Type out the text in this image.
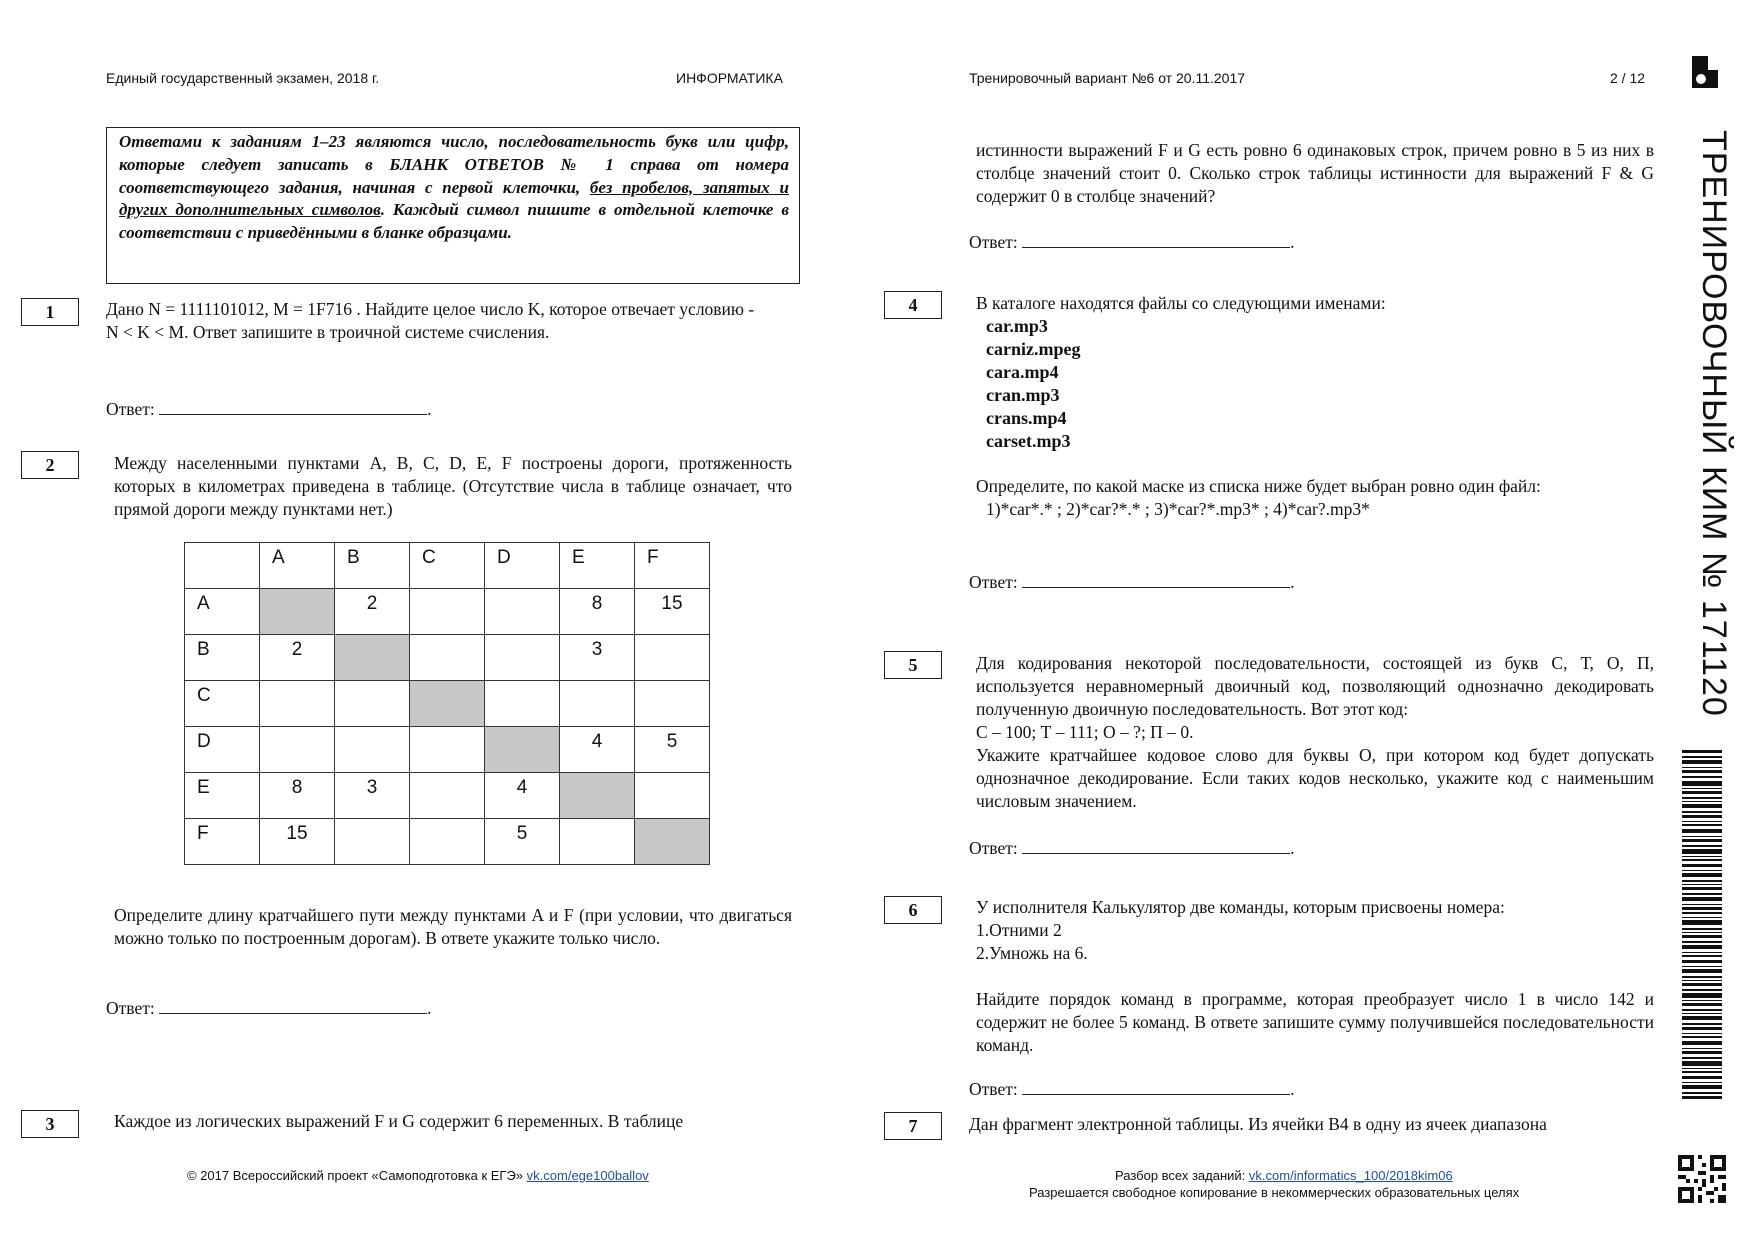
Единый государственный экзамен, 2018 г.	ИНФОРМАТИКА	Тренировочный вариант №6 от 20.11.2017	2 / 12
Ответами к заданиям 1–23 являются число, последовательность букв или цифр, которые следует записать в БЛАНК ОТВЕТОВ № 1 справа от номера соответствующего задания, начиная с первой клеточки, без пробелов, запятых и других дополнительных символов. Каждый символ пишите в отдельной клеточке в соответствии с приведёнными в бланке образцами.
1	Дано N = 1111101012, M = 1F716 . Найдите целое число K, которое отвечает условию -
N < K < M. Ответ запишите в троичной системе счисления.
Ответ:	.
2	Между населенными пунктами A, B, C, D, E, F построены дороги, протяженность которых в километрах приведена в таблице. (Отсутствие числа в таблице означает, что прямой дороги между пунктами нет.)
	A	B	C	D	E	F
A		2			8	15
B	2				3	
C						
D					4	5
E	8	3		4		
F	15			5		
Определите длину кратчайшего пути между пунктами A и F (при условии, что двигаться можно только по построенным дорогам). В ответе укажите только число.
Ответ:	.
3	Каждое из логических выражений F и G содержит 6 переменных. В таблице
истинности выражений F и G есть ровно 6 одинаковых строк, причем ровно в 5 из них в столбце значений стоит 0. Сколько строк таблицы истинности для выражений F & G содержит 0 в столбце значений?
Ответ:	.
4	В каталоге находятся файлы со следующими именами:
car.mp3
carniz.mpeg
cara.mp4
cran.mp3
crans.mp4
carset.mp3
Определите, по какой маске из списка ниже будет выбран ровно один файл:
1)*car*.* ; 2)*car?*.* ; 3)*car?*.mp3* ; 4)*car?.mp3*
Ответ:	.
5	Для кодирования некоторой последовательности, состоящей из букв С, Т, О, П, используется неравномерный двоичный код, позволяющий однозначно декодировать полученную двоичную последовательность. Вот этот код:
С – 100; Т – 111; О – ?; П – 0.
Укажите кратчайшее кодовое слово для буквы О, при котором код будет допускать однозначное декодирование. Если таких кодов несколько, укажите код с наименьшим числовым значением.
Ответ:	.
6	У исполнителя Калькулятор две команды, которым присвоены номера:
1.Отними 2
2.Умножь на 6.
Найдите порядок команд в программе, которая преобразует число 1 в число 142 и содержит не более 5 команд. В ответе запишите сумму получившейся последовательности команд.
Ответ:	.
7	Дан фрагмент электронной таблицы. Из ячейки B4 в одну из ячеек диапазона
ТРЕНИРОВОЧНЫЙ КИМ № 171120
© 2017 Всероссийский проект «Самоподготовка к ЕГЭ» vk.com/ege100ballov	Разбор всех заданий: vk.com/informatics_100/2018kim06
Разрешается свободное копирование в некоммерческих образовательных целях
